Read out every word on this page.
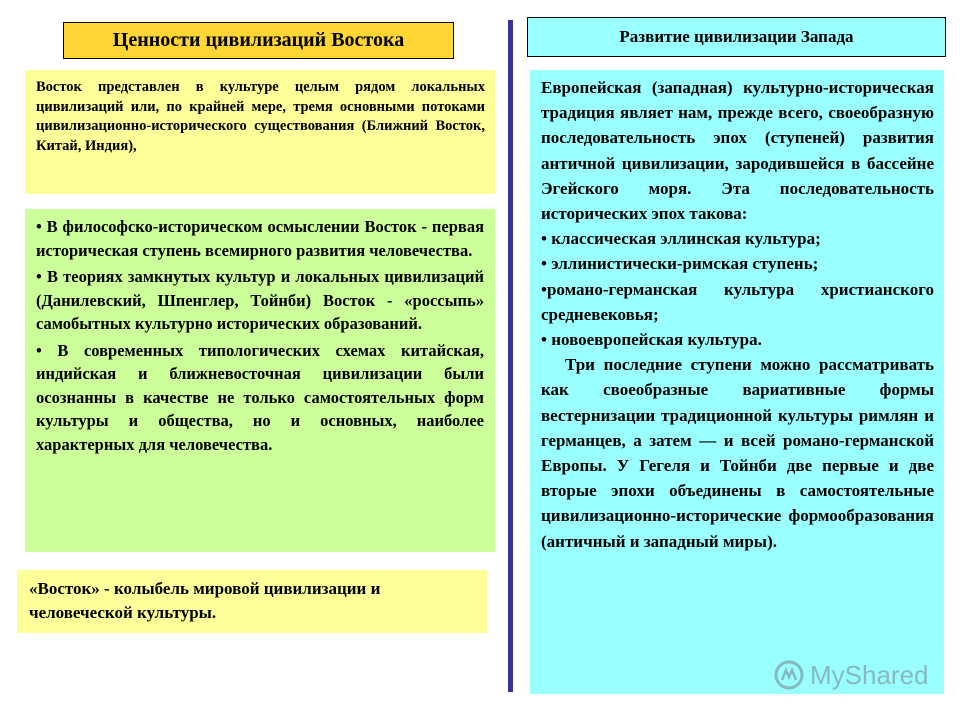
Ценности цивилизаций Востока	Развитие цивилизации Запада
Восток представлен в культуре целым рядом локальных цивилизаций или, по крайней мере, тремя основными потоками цивилизационно-исторического существования (Ближний Восток, Китай, Индия),

• В философско-историческом осмыслении Восток - первая историческая ступень всемирного развития человечества.

• В теориях замкнутых культур и локальных цивилизаций (Данилевский, Шпенглер, Тойнби) Восток - «россыпь» самобытных культурно исторических образований.

• В современных типологических схемах китайская, индийская и ближневосточная цивилизации были осознанны в качестве не только самостоятельных форм культуры и общества, но и основных, наиболее характерных для человечества.

«Восток» - колыбель мировой цивилизации и человеческой культуры.

Европейская (западная) культурно-историческая традиция являет нам, прежде всего, своеобразную последовательность эпох (ступеней) развития античной цивилизации, зародившейся в бассейне Эгейского моря. Эта последовательность исторических эпох такова:

• классическая эллинская культура;

• эллинистически-римская ступень;

•романо-германская культура христианского средневековья;

• новоевропейская культура.

Три последние ступени можно рассматривать как своеобразные вариативные формы вестернизации традиционной культуры римлян и германцев, а затем — и всей романо-германской Европы. У Гегеля и Тойнби две первые и две вторые эпохи объединены в самостоятельные цивилизационно-исторические формообразования (античный и западный миры).

MyShared
